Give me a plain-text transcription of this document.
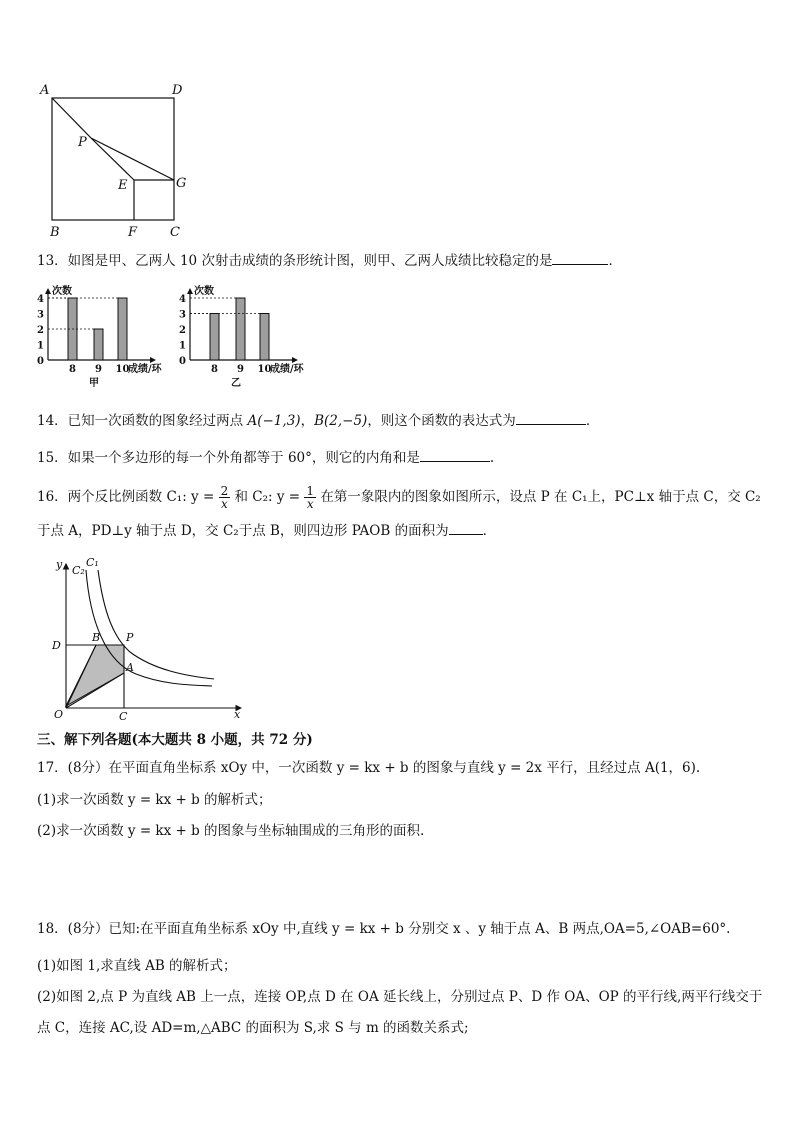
A	D
P
E	G
B	F	C
13．如图是甲、乙两人 10 次射击成绩的条形统计图，则甲、乙两人成绩比较稳定的是	．
0
1
2
3
4
次数
8 9 10
成绩/环
甲
0
1
2
3
4
次数
8 9 10
成绩/环
乙
14．已知一次函数的图象经过两点 A(−1,3)，B(2,−5)，则这个函数的表达式为	．
15．如果一个多边形的每一个外角都等于 60°，则它的内角和是	.
16．两个反比例函数 C₁: $y = \frac{2}{x}$ 和 C₂: $y = \frac{1}{x}$ 在第一象限内的图象如图所示，设点 P 在 C₁上，PC⊥x 轴于点 C，交 C₂
于点 A，PD⊥y 轴于点 D，交 C₂于点 B，则四边形 PAOB 的面积为	．
y
x
O
C₁
C₂
D
B P
A
C
三、解下列各题(本大题共 8 小题，共 72 分)
17．(8分）在平面直角坐标系 xOy 中，一次函数 y = kx + b 的图象与直线 y = 2x 平行，且经过点 A(1，6).
(1)求一次函数 y = kx + b 的解析式；
(2)求一次函数 y = kx + b 的图象与坐标轴围成的三角形的面积.
18．(8分）已知:在平面直角坐标系 xOy 中,直线 y = kx + b 分别交 x 、y 轴于点 A、B 两点,OA=5,∠OAB=60°.
(1)如图 1,求直线 AB 的解析式；
(2)如图 2,点 P 为直线 AB 上一点，连接 OP,点 D 在 OA 延长线上，分别过点 P、D 作 OA、OP 的平行线,两平行线交于
点 C，连接 AC,设 AD=m,△ABC 的面积为 S,求 S 与 m 的函数关系式;
